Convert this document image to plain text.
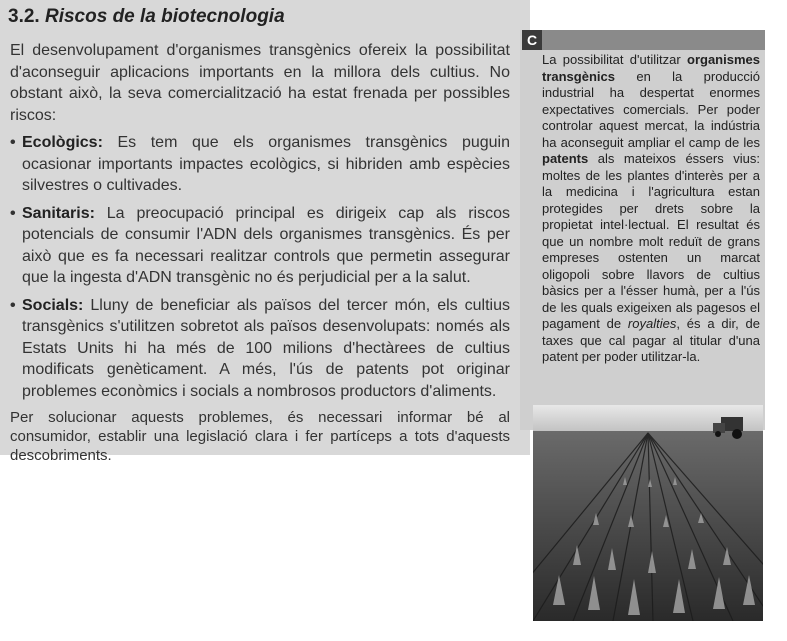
3.2. Riscos de la biotecnologia

El desenvolupament d'organismes transgènics ofereix la possibilitat d'aconseguir aplicacions importants en la millora dels cultius. No obstant això, la seva comercialització ha estat frenada per possibles riscos:

• Ecològics: Es tem que els organismes transgènics puguin ocasionar importants impactes ecològics, si hibriden amb espècies silvestres o cultivades.
• Sanitaris: La preocupació principal es dirigeix cap als riscos potencials de consumir l'ADN dels organismes transgènics. És per això que es fa necessari realitzar controls que permetin assegurar que la ingesta d'ADN transgènic no és perjudicial per a la salut.
• Socials: Lluny de beneficiar als països del tercer món, els cultius transgènics s'utilitzen sobretot als països desenvolupats: només als Estats Units hi ha més de 100 milions d'hectàrees de cultius modificats genèticament. A més, l'ús de patents pot originar problemes econòmics i socials a nombrosos productors d'aliments.

Per solucionar aquests problemes, és necessari informar bé al consumidor, establir una legislació clara i fer partíceps a tots d'aquests descobriments.

C
La possibilitat d'utilitzar organismes transgènics en la producció industrial ha despertat enormes expectatives comercials. Per poder controlar aquest mercat, la indústria ha aconseguit ampliar el camp de les patents als mateixos éssers vius: moltes de les plantes d'interès per a la medicina i l'agricultura estan protegides per drets sobre la propietat intel·lectual. El resultat és que un nombre molt reduït de grans empreses ostenten un marcat oligopoli sobre llavors de cultius bàsics per a l'ésser humà, per a l'ús de les quals exigeixen als pagesos el pagament de royalties, és a dir, de taxes que cal pagar al titular d'una patent per poder utilitzar-la.
